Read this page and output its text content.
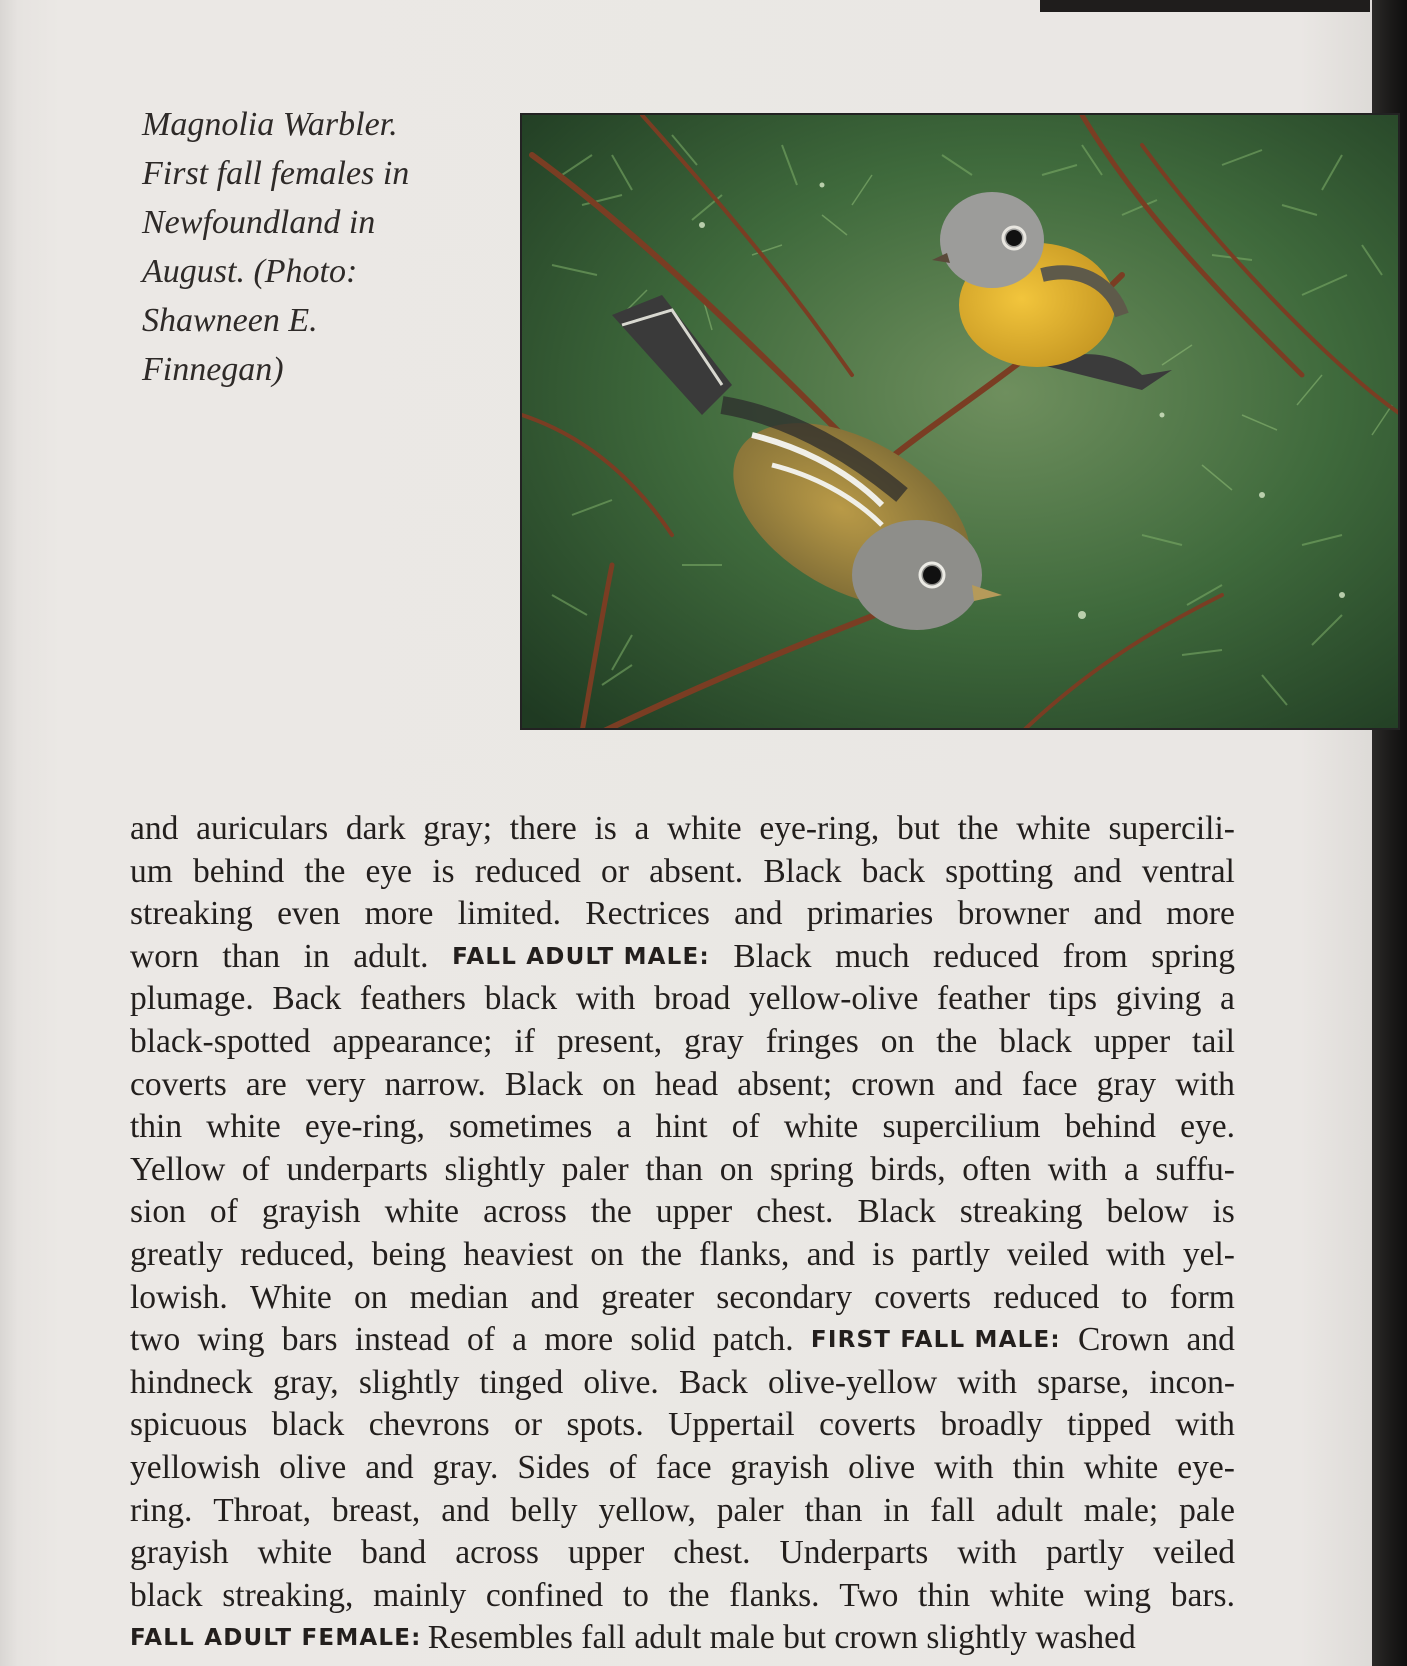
Magnolia Warbler.
First fall females in
Newfoundland in
August. (Photo:
Shawneen E.
Finnegan)
and auriculars dark gray; there is a white eye-ring, but the white supercili-
um behind the eye is reduced or absent. Black back spotting and ventral
streaking even more limited. Rectrices and primaries browner and more
worn than in adult. FALL ADULT MALE: Black much reduced from spring
plumage. Back feathers black with broad yellow-olive feather tips giving a
black-spotted appearance; if present, gray fringes on the black upper tail
coverts are very narrow. Black on head absent; crown and face gray with
thin white eye-ring, sometimes a hint of white supercilium behind eye.
Yellow of underparts slightly paler than on spring birds, often with a suffu-
sion of grayish white across the upper chest. Black streaking below is
greatly reduced, being heaviest on the flanks, and is partly veiled with yel-
lowish. White on median and greater secondary coverts reduced to form
two wing bars instead of a more solid patch. FIRST FALL MALE: Crown and
hindneck gray, slightly tinged olive. Back olive-yellow with sparse, incon-
spicuous black chevrons or spots. Uppertail coverts broadly tipped with
yellowish olive and gray. Sides of face grayish olive with thin white eye-
ring. Throat, breast, and belly yellow, paler than in fall adult male; pale
grayish white band across upper chest. Underparts with partly veiled
black streaking, mainly confined to the flanks. Two thin white wing bars.
FALL ADULT FEMALE: Resembles fall adult male but crown slightly washed
